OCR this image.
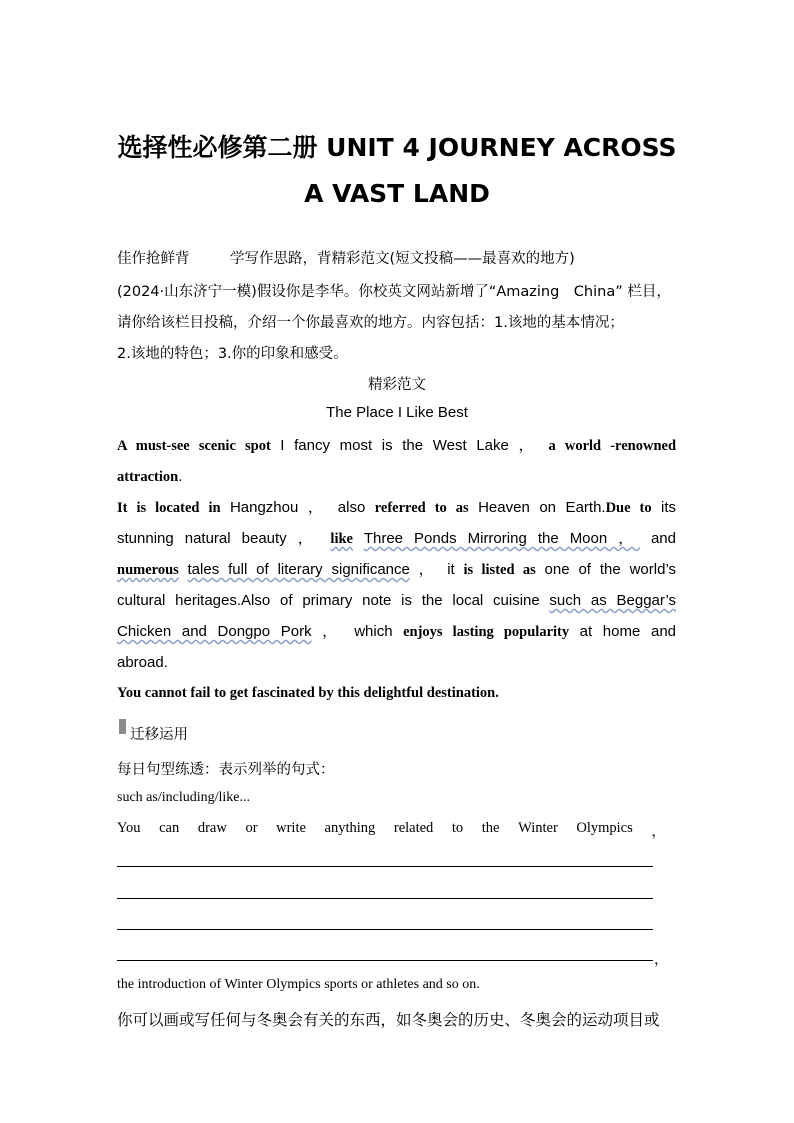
选择性必修第二册 UNIT 4 JOURNEY ACROSS
A VAST LAND
佳作抢鲜背	学写作思路，背精彩范文(短文投稿——最喜欢的地方)
(2024·山东济宁一模)假设你是李华。你校英文网站新增了“Amazing　China” 栏目，
请你给该栏目投稿，介绍一个你最喜欢的地方。内容包括：1.该地的基本情况；
2.该地的特色；3.你的印象和感受。
精彩范文
The Place I Like Best
A must-see scenic spot I fancy most is the West Lake ， a world -renowned
attraction.
It is located in Hangzhou ， also referred to as Heaven on Earth.Due to its
stunning natural beauty ， like Three Ponds Mirroring the Moon ， and
numerous tales full of literary significance ， it is listed as one of the world’s
cultural heritages.Also of primary note is the local cuisine such as Beggar’s
Chicken and Dongpo Pork ， which enjoys lasting popularity at home and
abroad.
You cannot fail to get fascinated by this delightful destination.
迁移运用
每日句型练透：表示列举的句式：
such as/including/like...
You can draw or write anything related to the Winter Olympics ，
，
the introduction of Winter Olympics sports or athletes and so on.
你可以画或写任何与冬奥会有关的东西，如冬奥会的历史、冬奥会的运动项目或
